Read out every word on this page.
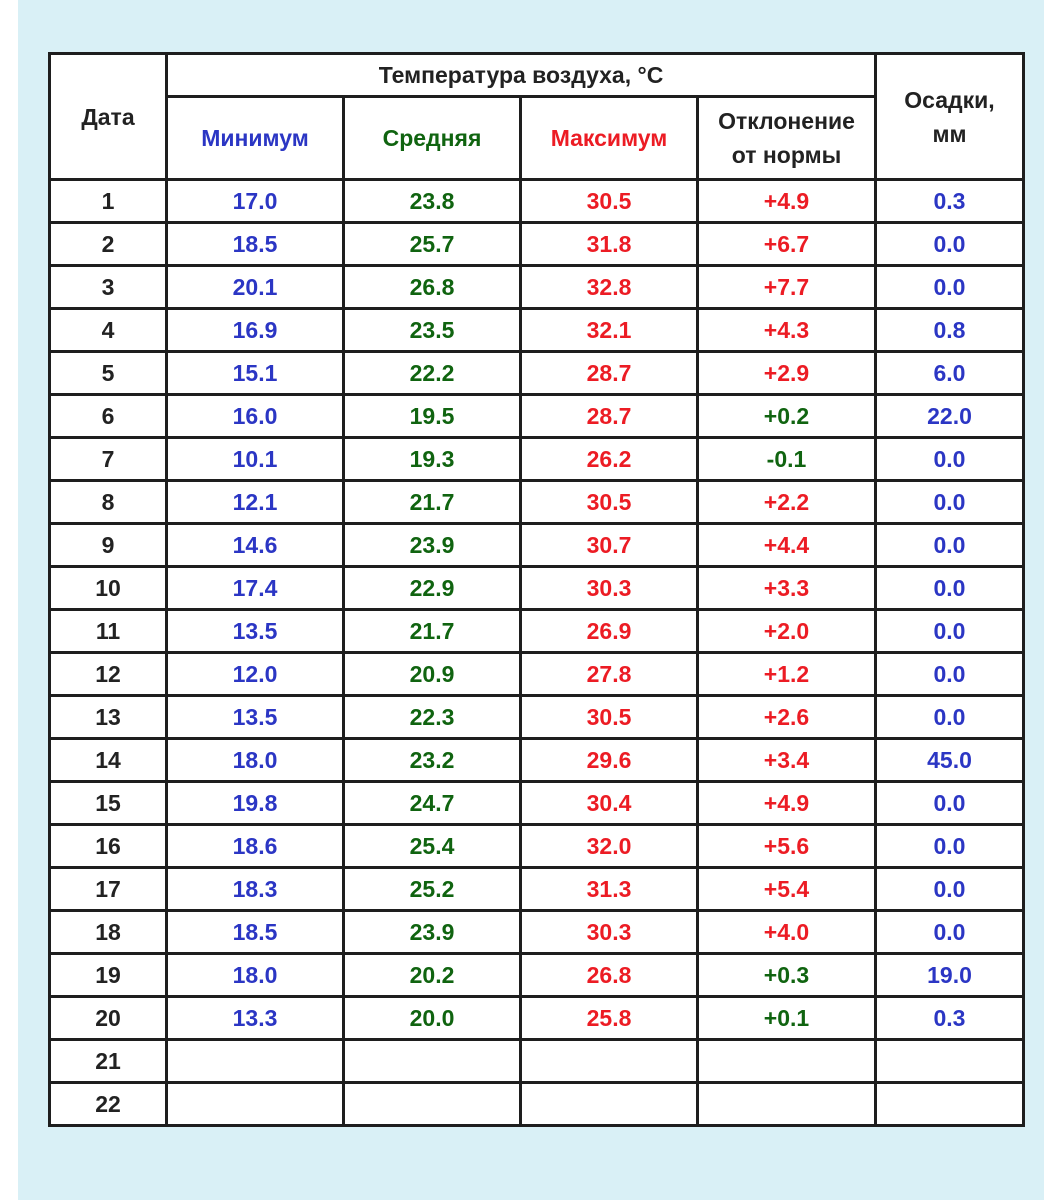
Дата	Температура воздуха, °C				Осадки,
мм

	Минимум	Средняя	Максимум	Отклонение
от нормы	

1	17.0	23.8	30.5	+4.9	0.3
2	18.5	25.7	31.8	+6.7	0.0
3	20.1	26.8	32.8	+7.7	0.0
4	16.9	23.5	32.1	+4.3	0.8
5	15.1	22.2	28.7	+2.9	6.0
6	16.0	19.5	28.7	+0.2	22.0
7	10.1	19.3	26.2	-0.1	0.0
8	12.1	21.7	30.5	+2.2	0.0
9	14.6	23.9	30.7	+4.4	0.0
10	17.4	22.9	30.3	+3.3	0.0
11	13.5	21.7	26.9	+2.0	0.0
12	12.0	20.9	27.8	+1.2	0.0
13	13.5	22.3	30.5	+2.6	0.0
14	18.0	23.2	29.6	+3.4	45.0
15	19.8	24.7	30.4	+4.9	0.0
16	18.6	25.4	32.0	+5.6	0.0
17	18.3	25.2	31.3	+5.4	0.0
18	18.5	23.9	30.3	+4.0	0.0
19	18.0	20.2	26.8	+0.3	19.0
20	13.3	20.0	25.8	+0.1	0.3
21					
22					
